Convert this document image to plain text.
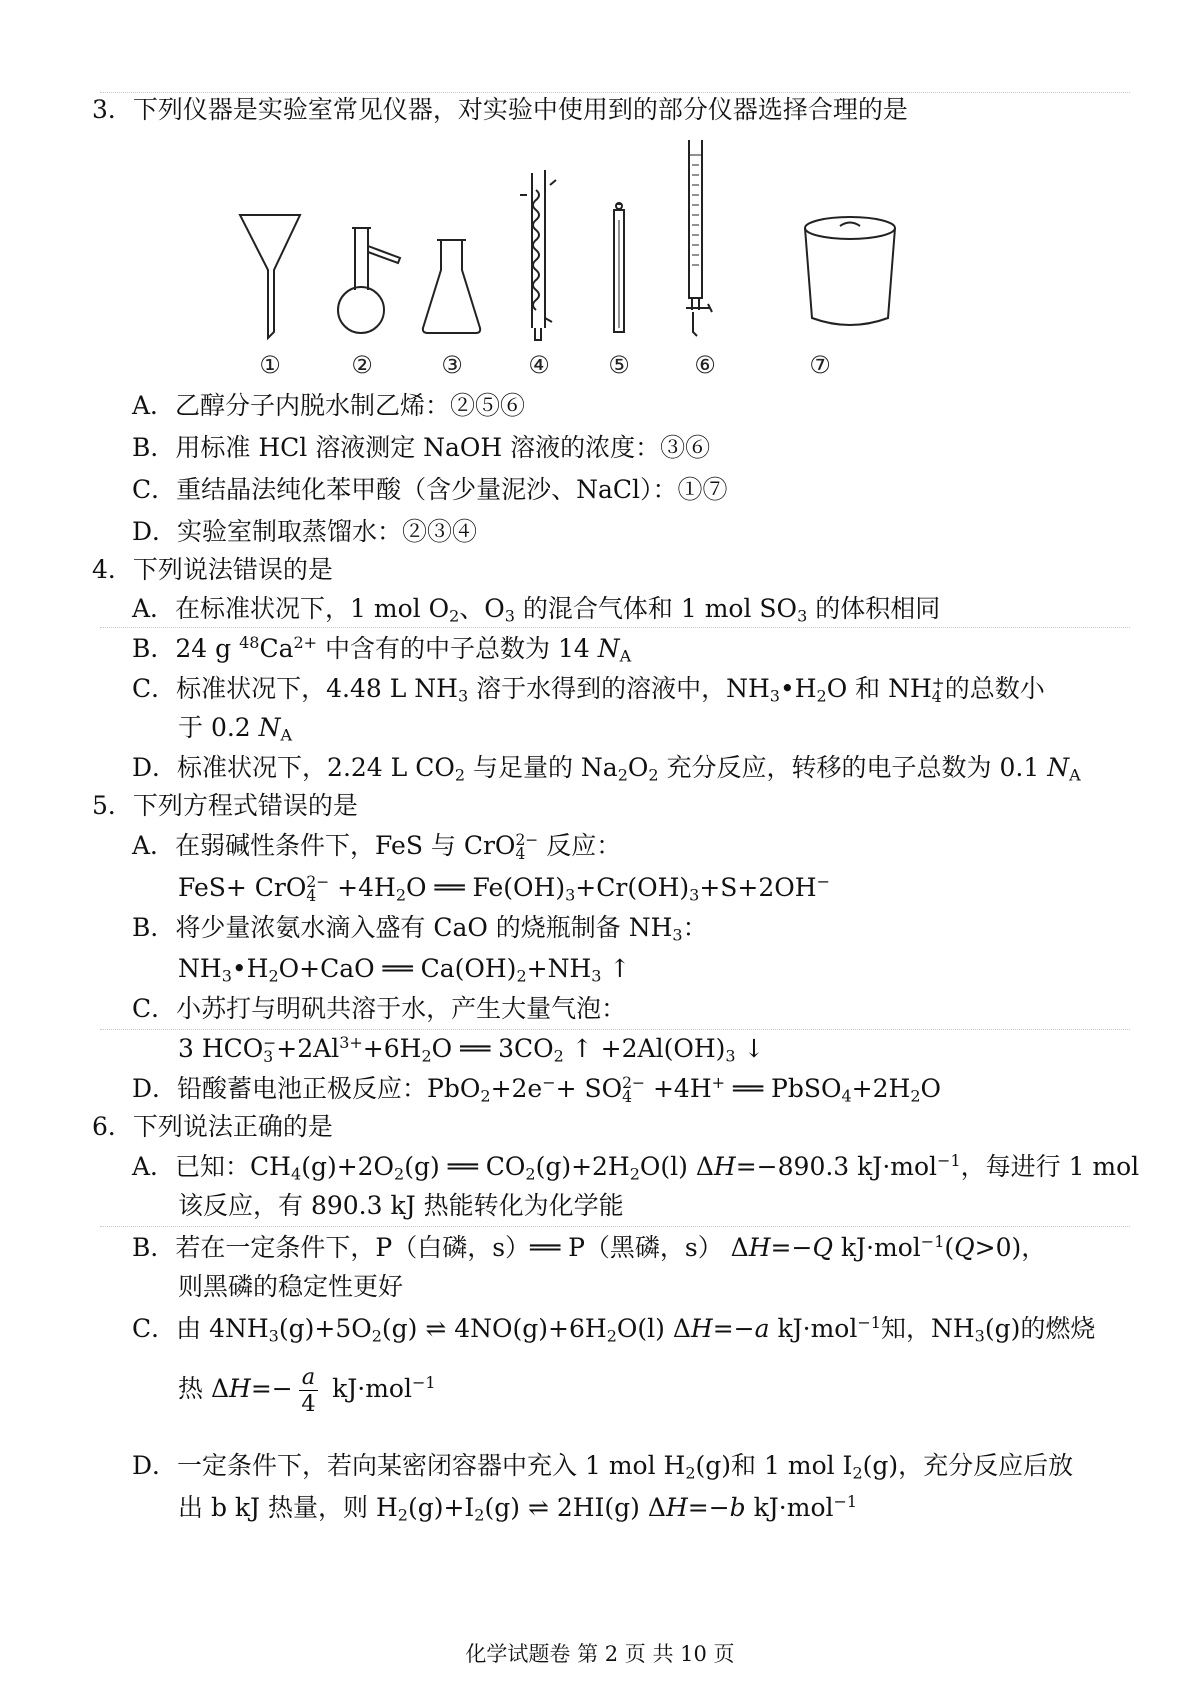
3．下列仪器是实验室常见仪器，对实验中使用到的部分仪器选择合理的是
①	②	③	④ ⑤	⑥	⑦
A．乙醇分子内脱水制乙烯：②⑤⑥
B．用标准 HCl 溶液测定 NaOH 溶液的浓度：③⑥
C．重结晶法纯化苯甲酸（含少量泥沙、NaCl）：①⑦
D．实验室制取蒸馏水：②③④
4．下列说法错误的是
A．在标准状况下，1 mol $O_2$、$O_3$ 的混合气体和 1 mol $SO_3$ 的体积相同
B．24 g $^{48}Ca^{2+}$ 中含有的中子总数为 14 $N_A$
C．标准状况下，4.48 L $NH_3$ 溶于水得到的溶液中，$NH_3•H_2O$ 和 NH +
4 的总数小
于 0.2 $N_A$
D．标准状况下，2.24 L $CO_2$ 与足量的 $Na_2O_2$ 充分反应，转移的电子总数为 0.1 $N_A$
5．下列方程式错误的是
A．在弱碱性条件下，FeS 与 CrO 2−
4 反应：
FeS+ CrO 2−
$4 +4H_2O$ ══ $Fe(OH)_3+Cr(OH)_3+S+2OH^-$
B．将少量浓氨水滴入盛有 CaO 的烧瓶制备 $NH_3$：
$NH_3•H_2O+CaO$ ══ $Ca(OH)_2+NH_3$ ↑
C．小苏打与明矾共溶于水，产生大量气泡：
3 HCO −
$3 +2Al^{3+}+6H_2O$ ══ $3CO_2$ ↑ $+2Al(OH)_3$ ↓
D．铅酸蓄电池正极反应：PbO$_2$+2e−+ SO 2−
4 +4H+ ══ $PbSO_4+2H_2O$
6．下列说法正确的是
A．已知：$CH_4(g)+2O_2(g)$ ══ $CO_2(g)+2H_2O(l)$ ΔH=−890.3 kJ·mol$^{-1}$，每进行 1 mol
该反应，有 890.3 kJ 热能转化为化学能
B．若在一定条件下，P（白磷，s）══ P（黑磷，s） ΔH=−Q kJ·mol$^{-1}$(Q>0)，
则黑磷的稳定性更好
C．由 $4NH_3(g)+5O_2(g)$ ⇌ $4NO(g)+6H_2O(l)$ ΔH=−a kJ·mol$^{-1}$知，$NH_3(g)$的燃烧
热 $\Delta H=- \frac{a}{4} kJ\cdot mol^{-1}$
D．一定条件下，若向某密闭容器中充入 1 mol $H_2(g)$和 1 mol $I_2(g)$，充分反应后放
出 b kJ 热量，则 $H_2(g)+I_2(g)$ ⇌ 2HI(g) ΔH=−b kJ·mol$^{-1}$
化学试题卷 第 2 页 共 10 页
